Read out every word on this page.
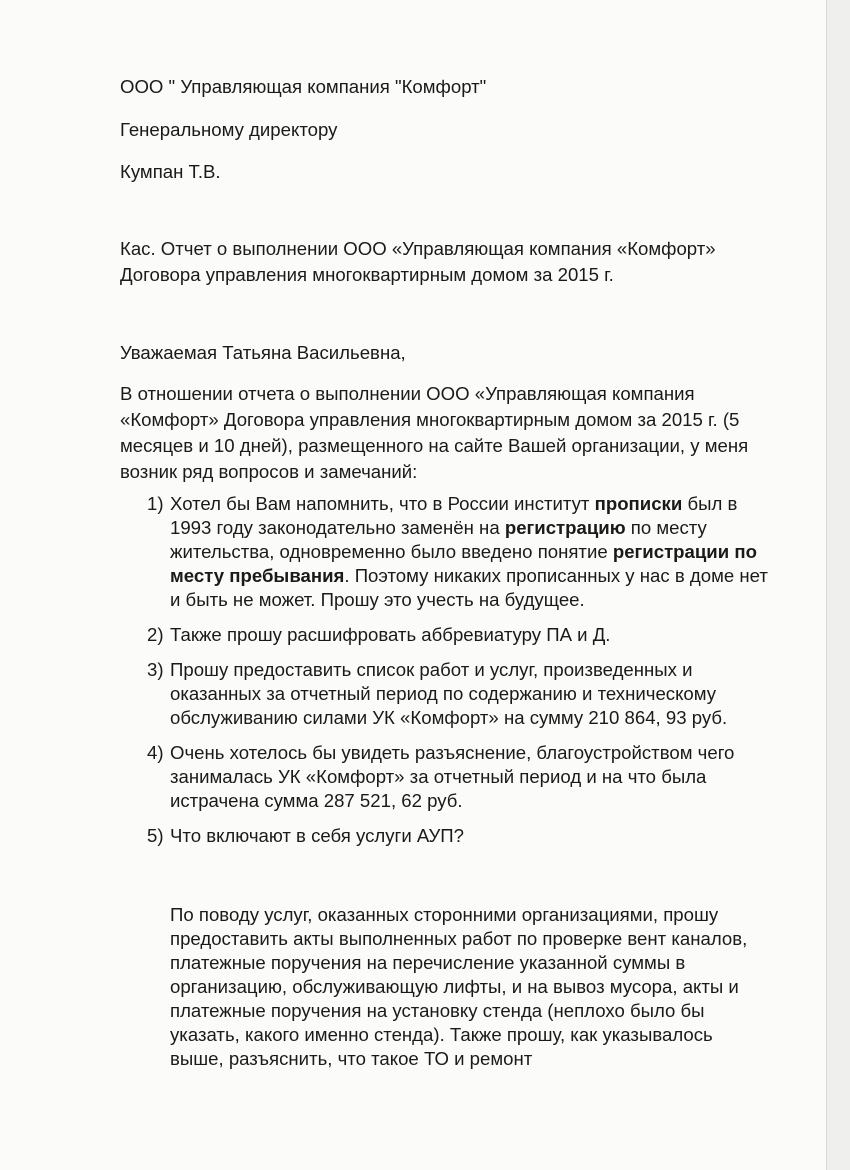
ООО " Управляющая компания "Комфорт"
Генеральному директору
Кумпан Т.В.
Кас. Отчет о выполнении ООО «Управляющая компания «Комфорт» Договора управления многоквартирным домом за 2015 г.
Уважаемая Татьяна Васильевна,
В отношении отчета о выполнении ООО «Управляющая компания «Комфорт» Договора управления многоквартирным домом за 2015 г. (5 месяцев и 10 дней), размещенного на сайте Вашей организации, у меня возник ряд вопросов и замечаний:
1) Хотел бы Вам напомнить, что в России институт прописки был в 1993 году законодательно заменён на регистрацию по месту жительства, одновременно было введено понятие регистрации по месту пребывания. Поэтому никаких прописанных у нас в доме нет и быть не может. Прошу это учесть на будущее.
2) Также прошу расшифровать аббревиатуру ПА и Д.
3) Прошу предоставить список работ и услуг, произведенных и оказанных за отчетный период по содержанию и техническому обслуживанию силами УК «Комфорт» на сумму 210 864, 93 руб.
4) Очень хотелось бы увидеть разъяснение, благоустройством чего занималась УК «Комфорт» за отчетный период и на что была истрачена сумма 287 521, 62 руб.
5) Что включают в себя услуги АУП?
По поводу услуг, оказанных сторонними организациями, прошу предоставить акты выполненных работ по проверке вент каналов, платежные поручения на перечисление указанной суммы в организацию, обслуживающую лифты, и на вывоз мусора, акты и платежные поручения на установку стенда (неплохо было бы указать, какого именно стенда). Также прошу, как указывалось выше, разъяснить, что такое ТО и ремонт
